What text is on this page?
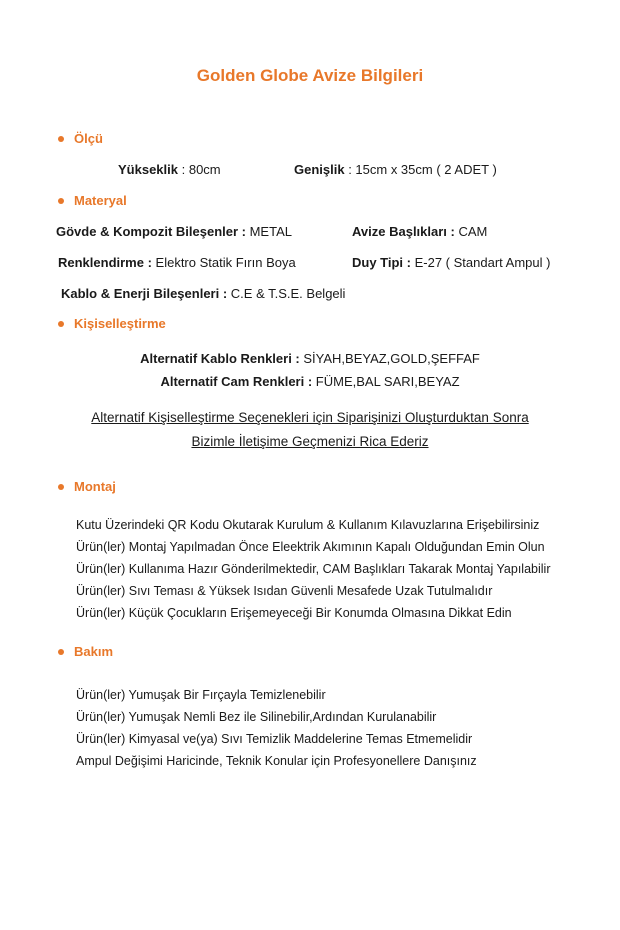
Golden Globe Avize Bilgileri
Ölçü
Yükseklik : 80cm	Genişlik : 15cm x 35cm ( 2 ADET )
Materyal
Gövde & Kompozit Bileşenler : METAL	Avize Başlıkları : CAM
Renklendirme : Elektro Statik Fırın Boya	Duy Tipi : E-27 ( Standart Ampul )
Kablo & Enerji Bileşenleri : C.E & T.S.E. Belgeli
Kişiselleştirme
Alternatif Kablo Renkleri : SİYAH,BEYAZ,GOLD,ŞEFFAF
Alternatif Cam Renkleri : FÜME,BAL SARI,BEYAZ
Alternatif Kişiselleştirme Seçenekleri için Siparişinizi Oluşturduktan Sonra
Bizimle İletişime Geçmenizi Rica Ederiz
Montaj
Kutu Üzerindeki QR Kodu Okutarak Kurulum & Kullanım Kılavuzlarına Erişebilirsiniz
Ürün(ler) Montaj Yapılmadan Önce Eleektrik Akımının Kapalı Olduğundan Emin Olun
Ürün(ler) Kullanıma Hazır Gönderilmektedir, CAM Başlıkları Takarak Montaj Yapılabilir
Ürün(ler) Sıvı Teması & Yüksek Isıdan Güvenli Mesafede Uzak Tutulmalıdır
Ürün(ler) Küçük Çocukların Erişemeyeceği Bir Konumda Olmasına Dikkat Edin
Bakım
Ürün(ler) Yumuşak Bir Fırçayla Temizlenebilir
Ürün(ler) Yumuşak Nemli Bez ile Silinebilir,Ardından Kurulanabilir
Ürün(ler) Kimyasal ve(ya) Sıvı Temizlik Maddelerine Temas Etmemelidir
Ampul Değişimi Haricinde, Teknik Konular için Profesyonellere Danışınız
